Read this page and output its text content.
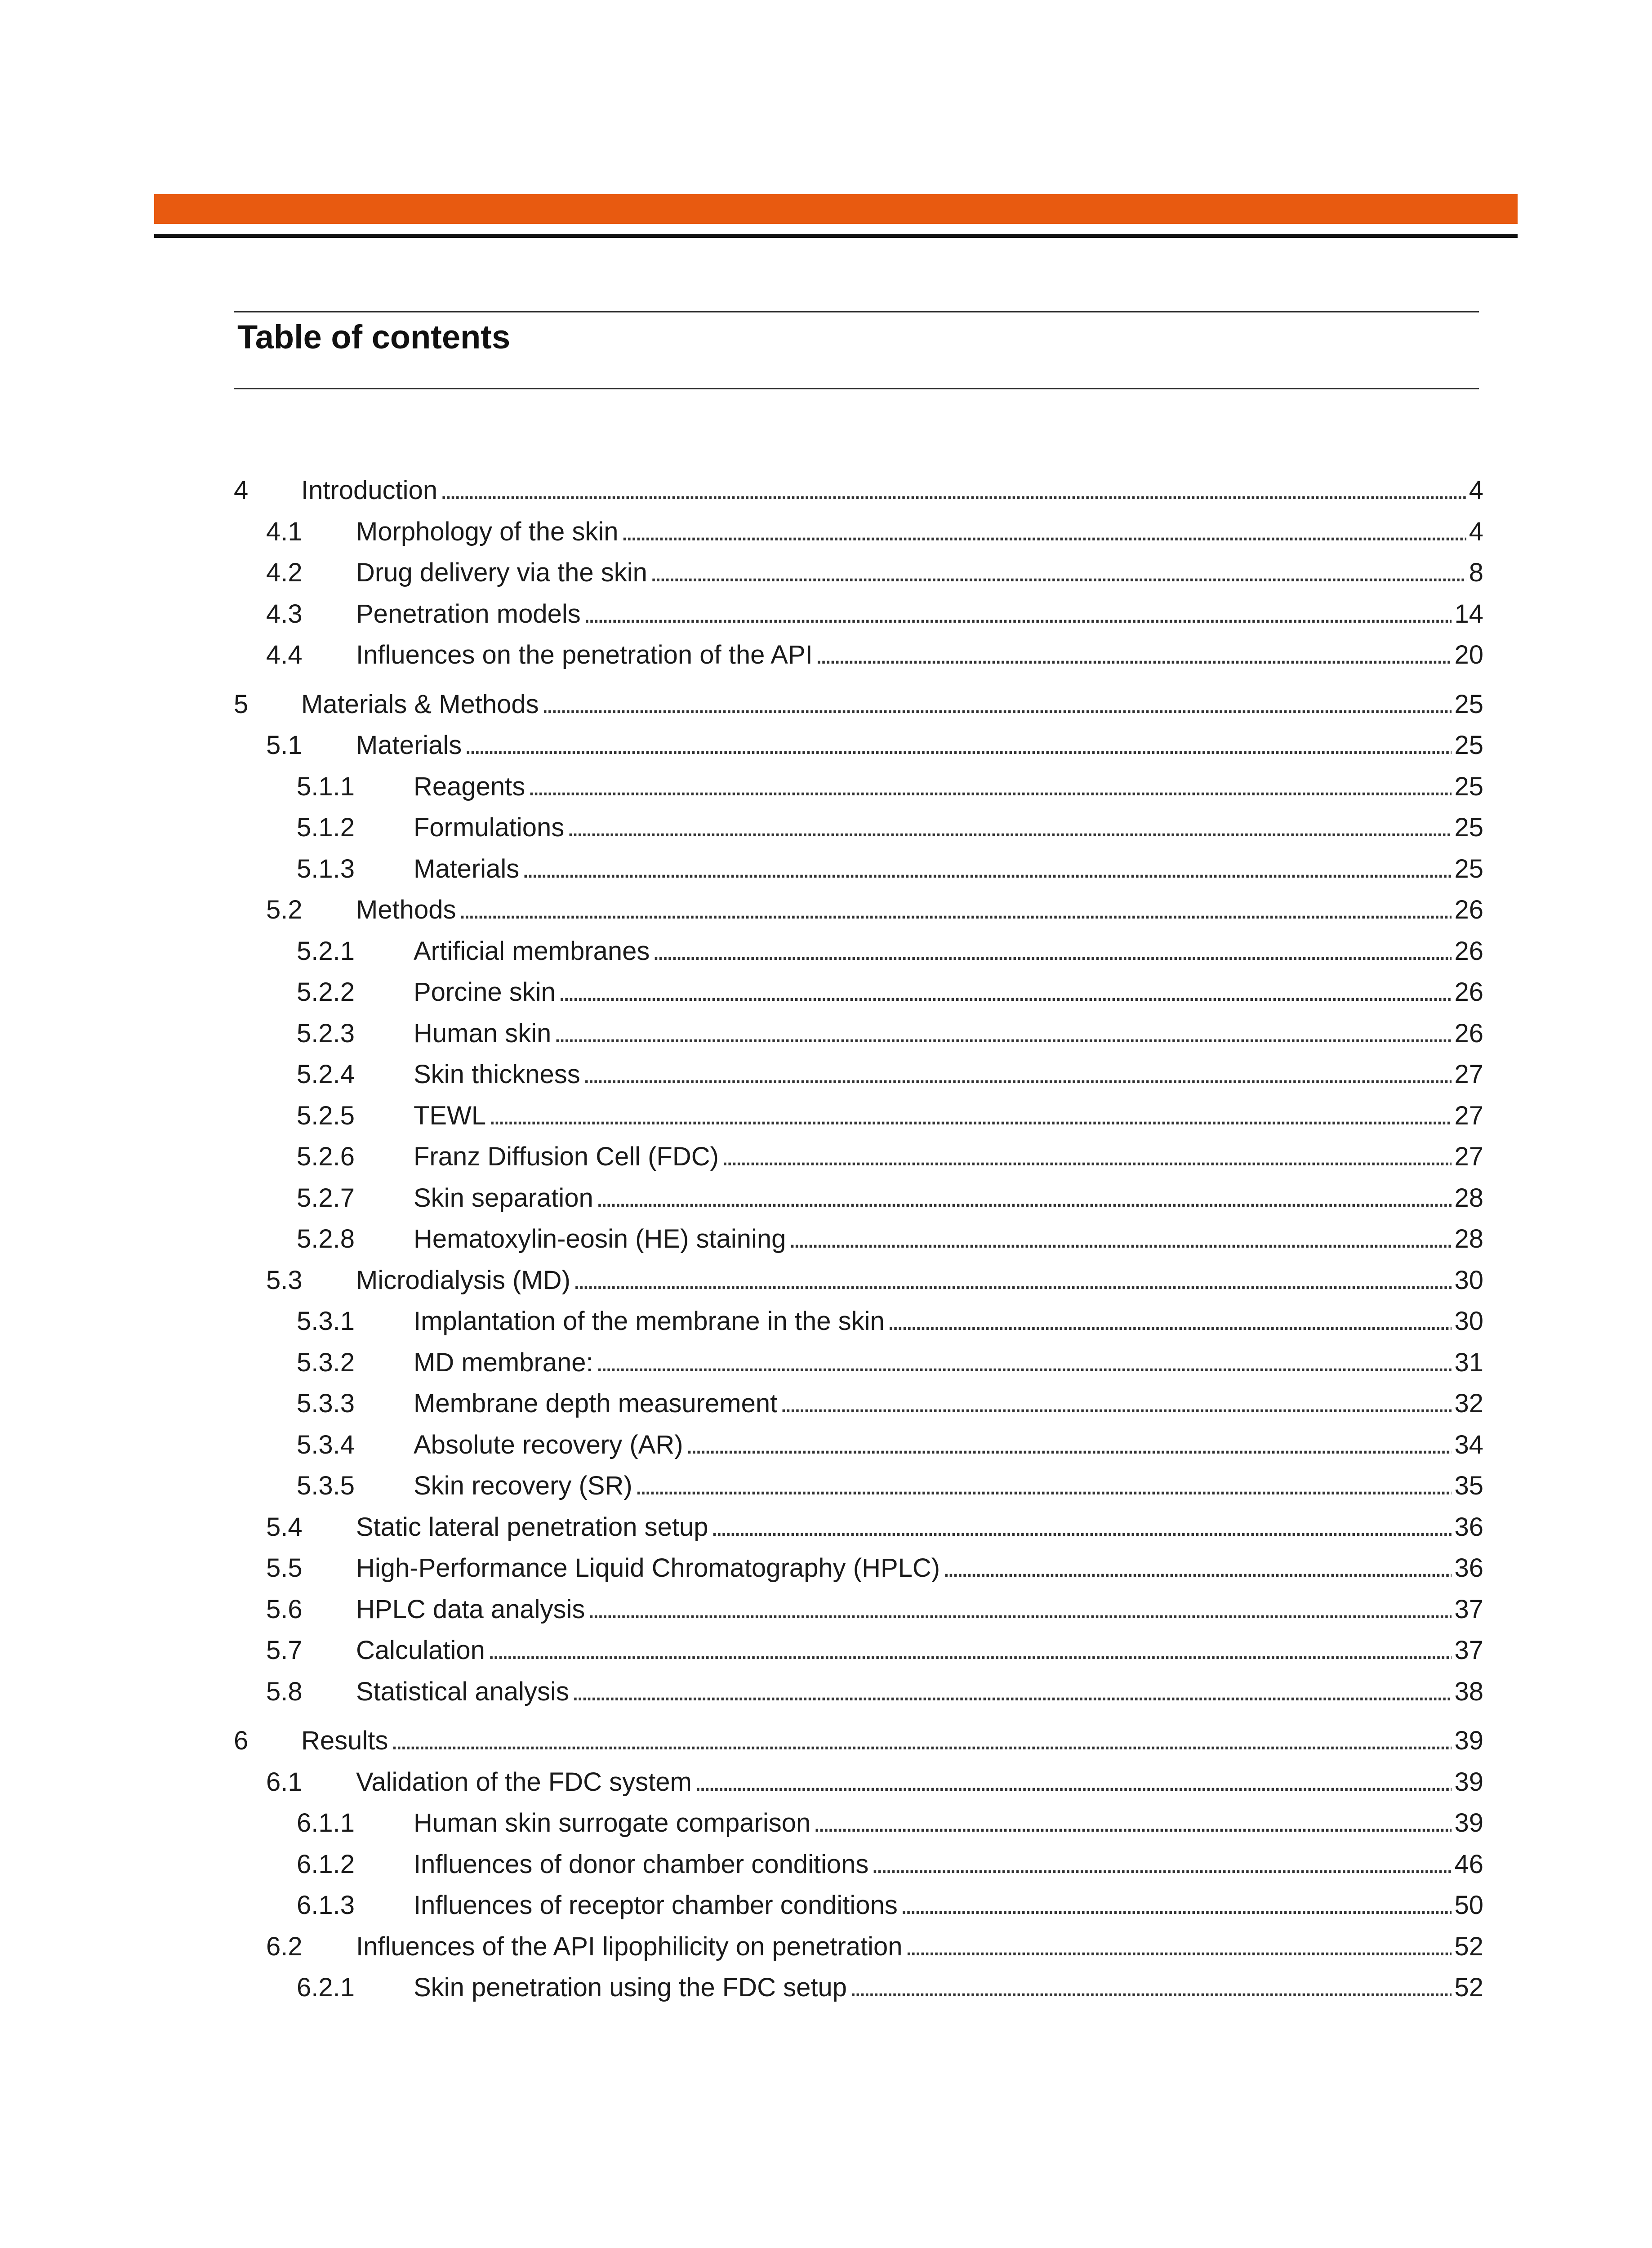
Table of contents
4	Introduction . . .	4
4.1	Morphology of the skin . . .	4
4.2	Drug delivery via the skin . . .	8
4.3	Penetration models . . .	14
4.4	Influences on the penetration of the API . . .	20
5	Materials & Methods . . .	25
5.1	Materials . . .	25
5.1.1	Reagents . . .	25
5.1.2	Formulations . . .	25
5.1.3	Materials . . .	25
5.2	Methods . . .	26
5.2.1	Artificial membranes . . .	26
5.2.2	Porcine skin . . .	26
5.2.3	Human skin . . .	26
5.2.4	Skin thickness . . .	27
5.2.5	TEWL . . .	27
5.2.6	Franz Diffusion Cell (FDC) . . .	27
5.2.7	Skin separation . . .	28
5.2.8	Hematoxylin-eosin (HE) staining . . .	28
5.3	Microdialysis (MD) . . .	30
5.3.1	Implantation of the membrane in the skin . . .	30
5.3.2	MD membrane: . . .	31
5.3.3	Membrane depth measurement . . .	32
5.3.4	Absolute recovery (AR) . . .	34
5.3.5	Skin recovery (SR) . . .	35
5.4	Static lateral penetration setup . . .	36
5.5	High-Performance Liquid Chromatography (HPLC) . . .	36
5.6	HPLC data analysis . . .	37
5.7	Calculation . . .	37
5.8	Statistical analysis . . .	38
6	Results . . .	39
6.1	Validation of the FDC system . . .	39
6.1.1	Human skin surrogate comparison . . .	39
6.1.2	Influences of donor chamber conditions . . .	46
6.1.3	Influences of receptor chamber conditions . . .	50
6.2	Influences of the API lipophilicity on penetration . . .	52
6.2.1	Skin penetration using the FDC setup . . .	52
